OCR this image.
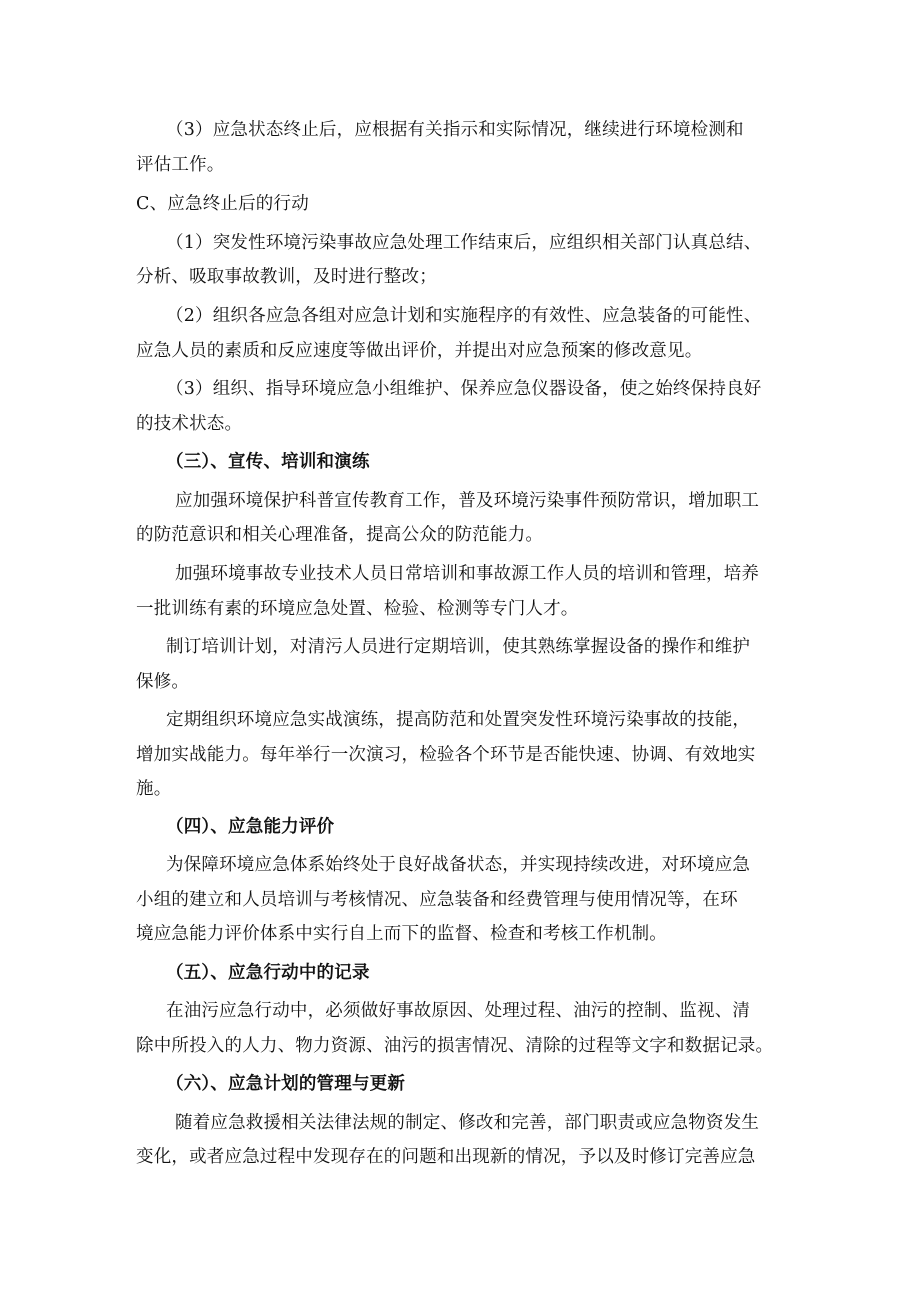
（3）应急状态终止后，应根据有关指示和实际情况，继续进行环境检测和
评估工作。
C、应急终止后的行动
（1）突发性环境污染事故应急处理工作结束后，应组织相关部门认真总结、
分析、吸取事故教训，及时进行整改；
（2）组织各应急各组对应急计划和实施程序的有效性、应急装备的可能性、
应急人员的素质和反应速度等做出评价，并提出对应急预案的修改意见。
（3）组织、指导环境应急小组维护、保养应急仪器设备，使之始终保持良好
的技术状态。
（三）、宣传、培训和演练
应加强环境保护科普宣传教育工作，普及环境污染事件预防常识，增加职工
的防范意识和相关心理准备，提高公众的防范能力。
加强环境事故专业技术人员日常培训和事故源工作人员的培训和管理，培养
一批训练有素的环境应急处置、检验、检测等专门人才。
制订培训计划，对清污人员进行定期培训，使其熟练掌握设备的操作和维护
保修。
定期组织环境应急实战演练，提高防范和处置突发性环境污染事故的技能，
增加实战能力。每年举行一次演习，检验各个环节是否能快速、协调、有效地实
施。
（四）、应急能力评价
为保障环境应急体系始终处于良好战备状态，并实现持续改进，对环境应急
小组的建立和人员培训与考核情况、应急装备和经费管理与使用情况等，在环
境应急能力评价体系中实行自上而下的监督、检查和考核工作机制。
（五）、应急行动中的记录
在油污应急行动中，必须做好事故原因、处理过程、油污的控制、监视、清
除中所投入的人力、物力资源、油污的损害情况、清除的过程等文字和数据记录。
（六）、应急计划的管理与更新
随着应急救援相关法律法规的制定、修改和完善，部门职责或应急物资发生
变化，或者应急过程中发现存在的问题和出现新的情况，予以及时修订完善应急
